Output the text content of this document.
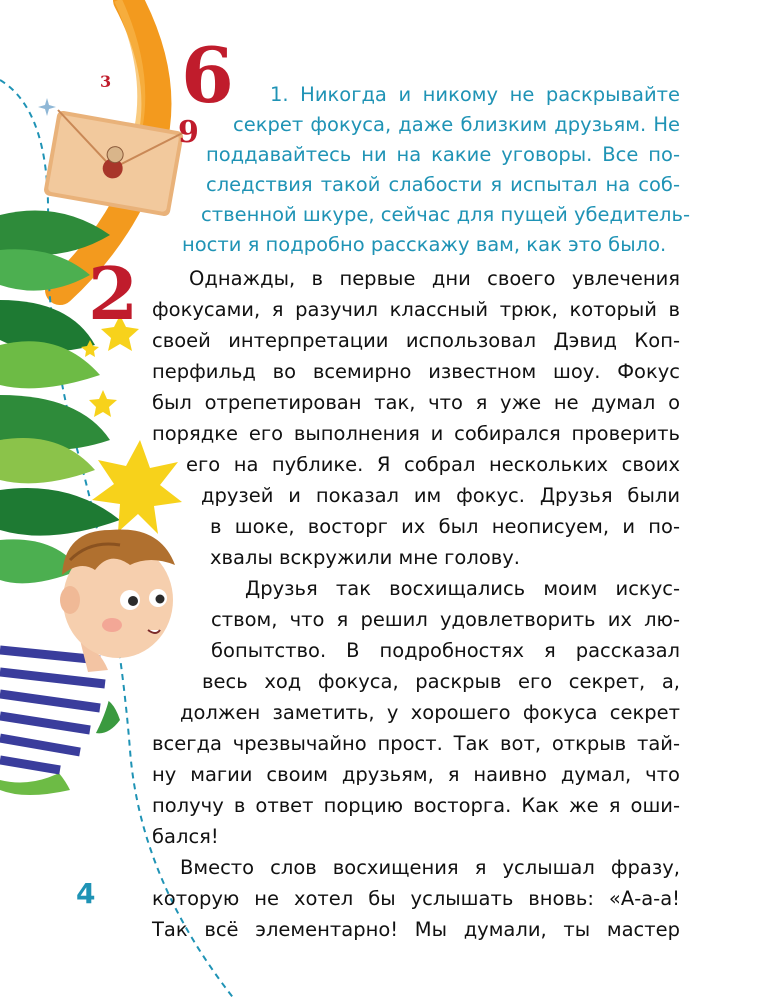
6
9
2
3
1. Никогда и никому не раскрывайте
секрет фокуса, даже близким друзьям. Не
поддавайтесь ни на какие уговоры. Все по-
следствия такой слабости я испытал на соб-
ственной шкуре, сейчас для пущей убедитель-
ности я подробно расскажу вам, как это было.
Однажды, в первые дни своего увлечения
фокусами, я разучил классный трюк, который в
своей интерпретации использовал Дэвид Коп-
перфильд во всемирно известном шоу. Фокус
был отрепетирован так, что я уже не думал о
порядке его выполнения и собирался проверить
его на публике. Я собрал нескольких своих
друзей и показал им фокус. Друзья были
в шоке, восторг их был неописуем, и по-
хвалы вскружили мне голову.
Друзья так восхищались моим искус-
ством, что я решил удовлетворить их лю-
бопытство. В подробностях я рассказал
весь ход фокуса, раскрыв его секрет, а,
должен заметить, у хорошего фокуса секрет
всегда чрезвычайно прост. Так вот, открыв тай-
ну магии своим друзьям, я наивно думал, что
получу в ответ порцию восторга. Как же я оши-
бался!
Вместо слов восхищения я услышал фразу,
которую не хотел бы услышать вновь: «А-а-а!
Так всё элементарно! Мы думали, ты мастер
4
